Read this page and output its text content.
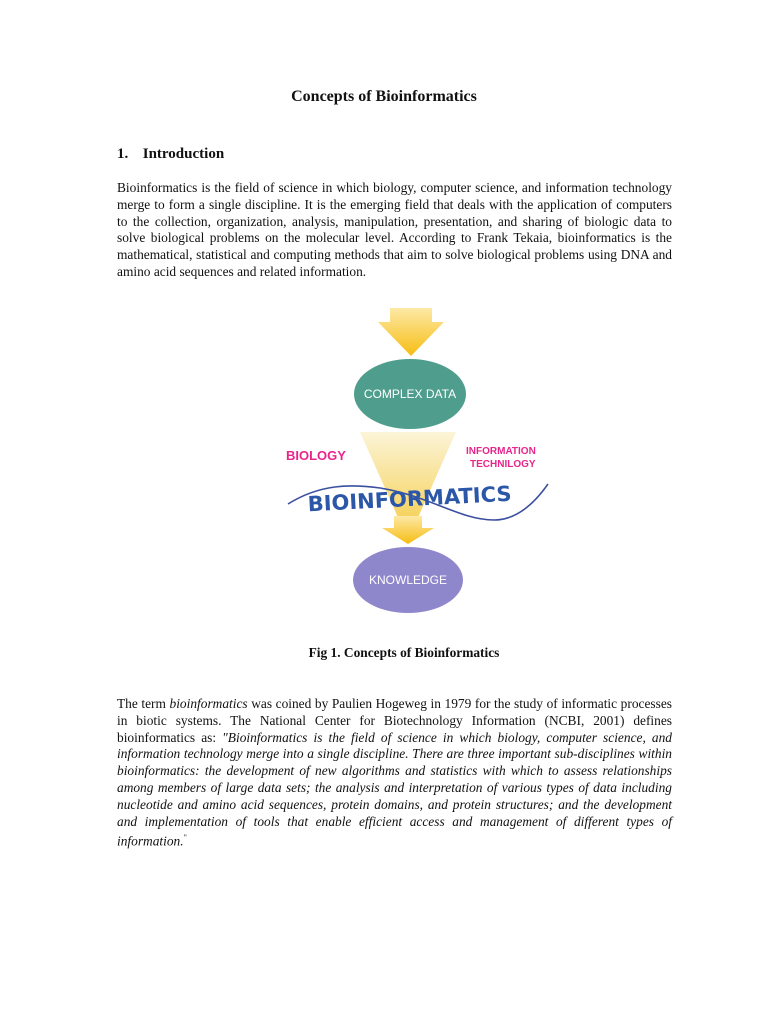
Concepts of Bioinformatics
1. Introduction

Bioinformatics is the field of science in which biology, computer science, and information technology merge to form a single discipline. It is the emerging field that deals with the application of computers to the collection, organization, analysis, manipulation, presentation, and sharing of biologic data to solve biological problems on the molecular level. According to Frank Tekaia, bioinformatics is the mathematical, statistical and computing methods that aim to solve biological problems using DNA and amino acid sequences and related information.

COMPLEX DATA
BIOLOGY	INFORMATION
TECHNILOGY
BIOINFORMATICS
KNOWLEDGE

Fig 1. Concepts of Bioinformatics

The term bioinformatics was coined by Paulien Hogeweg in 1979 for the study of informatic processes in biotic systems. The National Center for Biotechnology Information (NCBI, 2001) defines bioinformatics as: "Bioinformatics is the field of science in which biology, computer science, and information technology merge into a single discipline. There are three important sub-disciplines within bioinformatics: the development of new algorithms and statistics with which to assess relationships among members of large data sets; the analysis and interpretation of various types of data including nucleotide and amino acid sequences, protein domains, and protein structures; and the development and implementation of tools that enable efficient access and management of different types of information."
